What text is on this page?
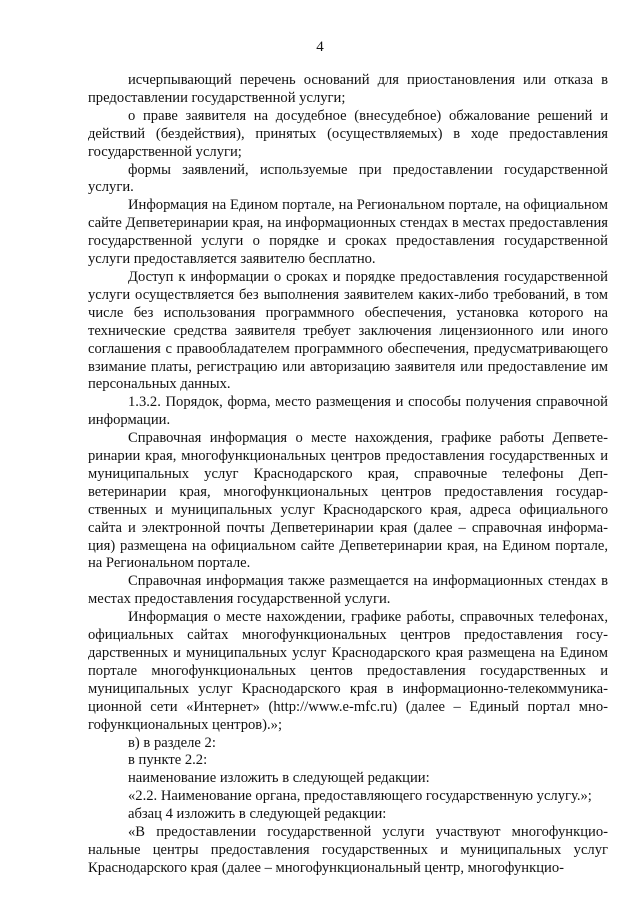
4

исчерпывающий перечень оснований для приостановления или отказа в предоставлении государственной услуги;

о праве заявителя на досудебное (внесудебное) обжалование решений и действий (бездействия), принятых (осуществляемых) в ходе предоставления государственной услуги;

формы заявлений, используемые при предоставлении государственной услуги.

Информация на Едином портале, на Региональном портале, на официальном сайте Депветеринарии края, на информационных стендах в местах предоставления государственной услуги о порядке и сроках предоставления государственной услуги предоставляется заявителю бесплатно.

Доступ к информации о сроках и порядке предоставления государственной услуги осуществляется без выполнения заявителем каких-либо требований, в том числе без использования программного обеспечения, установка которого на технические средства заявителя требует заключения лицензионного или иного соглашения с правообладателем программного обеспечения, предусматривающего взимание платы, регистрацию или авторизацию заявителя или предоставление им персональных данных.

1.3.2. Порядок, форма, место размещения и способы получения справочной информации.

Справочная информация о месте нахождения, графике работы Депветеринарии края, многофункциональных центров предоставления государственных и муниципальных услуг Краснодарского края, справочные телефоны Депветеринарии края, многофункциональных центров предоставления государственных и муниципальных услуг Краснодарского края, адреса официального сайта и электронной почты Депветеринарии края (далее – справочная информация) размещена на официальном сайте Депветеринарии края, на Едином портале, на Региональном портале.

Справочная информация также размещается на информационных стендах в местах предоставления государственной услуги.

Информация о месте нахождении, графике работы, справочных телефонах, официальных сайтах многофункциональных центров предоставления государственных и муниципальных услуг Краснодарского края размещена на Едином портале многофункциональных центов предоставления государственных и муниципальных услуг Краснодарского края в информационно-телекоммуникационной сети «Интернет» (http://www.e-mfc.ru) (далее – Единый портал многофункциональных центров).»;

в) в разделе 2:

в пункте 2.2:

наименование изложить в следующей редакции:

«2.2. Наименование органа, предоставляющего государственную услугу.»;

абзац 4 изложить в следующей редакции:

«В предоставлении государственной услуги участвуют многофункциональные центры предоставления государственных и муниципальных услуг Краснодарского края (далее – многофункциональный центр, многофункцио-
